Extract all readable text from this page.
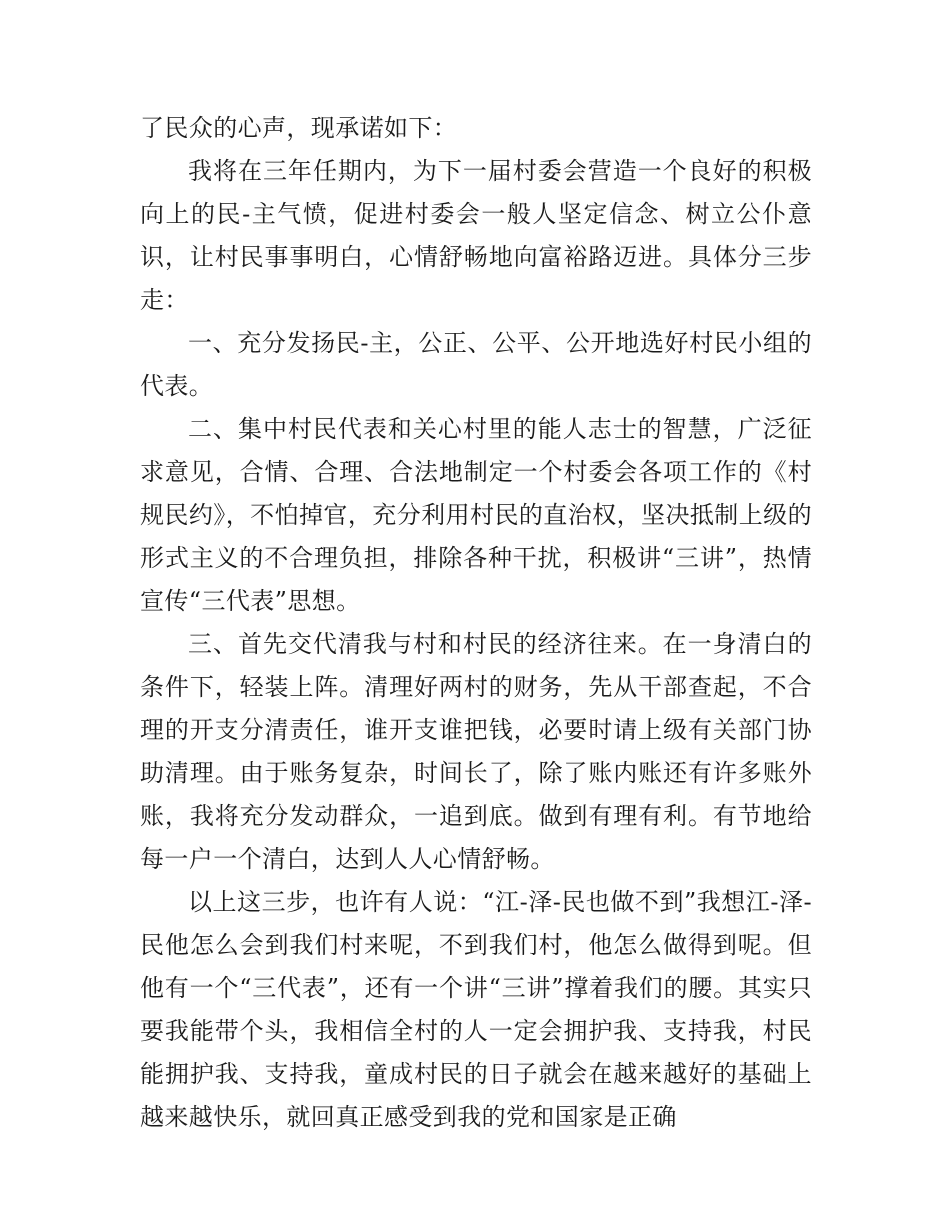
了民众的心声，现承诺如下：

我将在三年任期内，为下一届村委会营造一个良好的积极向上的民-主气愤，促进村委会一般人坚定信念、树立公仆意识，让村民事事明白，心情舒畅地向富裕路迈进。具体分三步走：

一、充分发扬民-主，公正、公平、公开地选好村民小组的代表。

二、集中村民代表和关心村里的能人志士的智慧，广泛征求意见，合情、合理、合法地制定一个村委会各项工作的《村规民约》，不怕掉官，充分利用村民的直治权，坚决抵制上级的形式主义的不合理负担，排除各种干扰，积极讲“三讲”，热情宣传“三代表”思想。

三、首先交代清我与村和村民的经济往来。在一身清白的条件下，轻装上阵。清理好两村的财务，先从干部查起，不合理的开支分清责任，谁开支谁把钱，必要时请上级有关部门协助清理。由于账务复杂，时间长了，除了账内账还有许多账外账，我将充分发动群众，一追到底。做到有理有利。有节地给每一户一个清白，达到人人心情舒畅。

以上这三步，也许有人说：“江-泽-民也做不到”我想江-泽-民他怎么会到我们村来呢，不到我们村，他怎么做得到呢。但他有一个“三代表”，还有一个讲“三讲”撑着我们的腰。其实只要我能带个头，我相信全村的人一定会拥护我、支持我，村民能拥护我、支持我，童成村民的日子就会在越来越好的基础上越来越快乐，就回真正感受到我的党和国家是正确
